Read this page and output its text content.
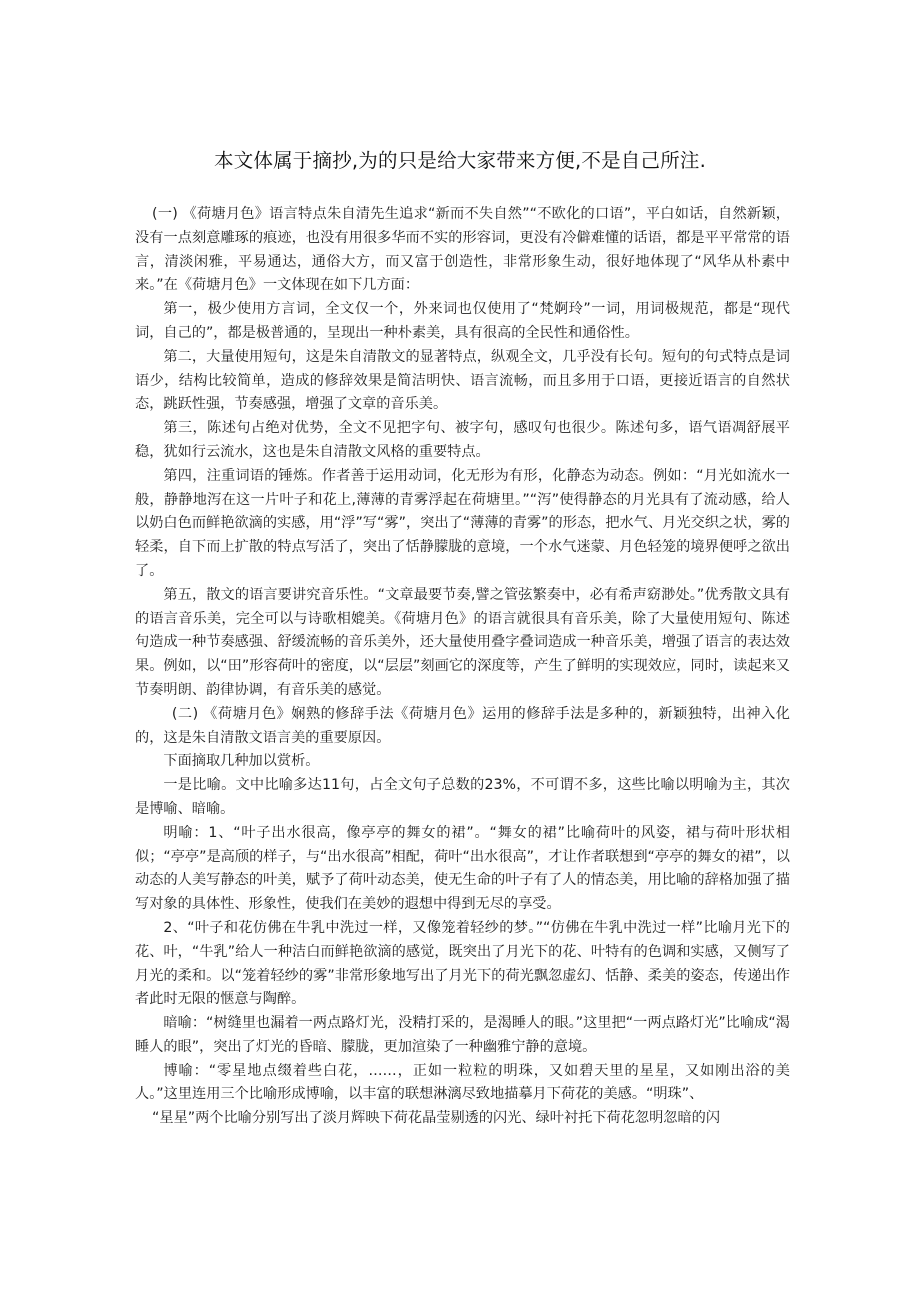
本文体属于摘抄,为的只是给大家带来方便,不是自己所注.

(一) 《荷塘月色》语言特点朱自清先生追求“新而不失自然”“不欧化的口语”，平白如话，自然新颖，没有一点刻意雕琢的痕迹，也没有用很多华而不实的形容词，更没有冷僻难懂的话语，都是平平常常的语言，清淡闲雅，平易通达，通俗大方，而又富于创造性，非常形象生动，很好地体现了“风华从朴素中来。”在《荷塘月色》一文体现在如下几方面：

第一，极少使用方言词，全文仅一个，外来词也仅使用了“梵婀玲”一词，用词极规范，都是“现代词，自己的”，都是极普通的，呈现出一种朴素美，具有很高的全民性和通俗性。

第二，大量使用短句，这是朱自清散文的显著特点，纵观全文，几乎没有长句。短句的句式特点是词语少，结构比较简单，造成的修辞效果是简洁明快、语言流畅，而且多用于口语，更接近语言的自然状态，跳跃性强，节奏感强，增强了文章的音乐美。

第三，陈述句占绝对优势，全文不见把字句、被字句，感叹句也很少。陈述句多，语气语凋舒展平稳，犹如行云流水，这也是朱自清散文风格的重要特点。

第四，注重词语的锤炼。作者善于运用动词，化无形为有形，化静态为动态。例如：“月光如流水一般，静静地泻在这一片叶子和花上,薄薄的青雾浮起在荷塘里。”“泻”使得静态的月光具有了流动感，给人以奶白色而鲜艳欲滴的实感，用“浮”写“雾”，突出了“薄薄的青雾”的形态，把水气、月光交织之状，雾的轻柔，自下而上扩散的特点写活了，突出了恬静朦胧的意境，一个水气迷蒙、月色轻笼的境界便呼之欲出了。

第五，散文的语言要讲究音乐性。“文章最要节奏,譬之管弦繁奏中，必有希声窈渺处。”优秀散文具有的语言音乐美，完全可以与诗歌相媲美。《荷塘月色》的语言就很具有音乐美，除了大量使用短句、陈述句造成一种节奏感强、舒缓流畅的音乐美外，还大量使用叠字叠词造成一种音乐美，增强了语言的表达效果。例如，以“田”形容荷叶的密度，以“层层”刻画它的深度等，产生了鲜明的实现效应，同时，读起来又节奏明朗、韵律协调，有音乐美的感觉。

(二) 《荷塘月色》娴熟的修辞手法《荷塘月色》运用的修辞手法是多种的，新颖独特，出神入化的，这是朱自清散文语言美的重要原因。

下面摘取几种加以赏析。

一是比喻。文中比喻多达11句，占全文句子总数的23%，不可谓不多，这些比喻以明喻为主，其次是博喻、暗喻。

明喻：1、“叶子出水很高，像亭亭的舞女的裙”。“舞女的裙”比喻荷叶的风姿，裙与荷叶形状相似；“亭亭”是高颀的样子，与“出水很高”相配，荷叶“出水很高”，才让作者联想到“亭亭的舞女的裙”，以动态的人美写静态的叶美，赋予了荷叶动态美，使无生命的叶子有了人的情态美，用比喻的辞格加强了描写对象的具体性、形象性，使我们在美妙的遐想中得到无尽的享受。

2、“叶子和花仿佛在牛乳中洗过一样，又像笼着轻纱的梦。”“仿佛在牛乳中洗过一样”比喻月光下的花、叶，“牛乳”给人一种洁白而鲜艳欲滴的感觉，既突出了月光下的花、叶特有的色调和实感，又侧写了月光的柔和。以“笼着轻纱的雾”非常形象地写出了月光下的荷光飘忽虚幻、恬静、柔美的姿态，传递出作者此时无限的惬意与陶醉。

暗喻：“树缝里也漏着一两点路灯光，没精打采的，是渴睡人的眼。”这里把“一两点路灯光”比喻成“渴睡人的眼”，突出了灯光的昏暗、朦胧，更加渲染了一种幽雅宁静的意境。

博喻：“零星地点缀着些白花，……，正如一粒粒的明珠，又如碧天里的星星，又如刚出浴的美人。”这里连用三个比喻形成博喻，以丰富的联想淋漓尽致地描摹月下荷花的美感。“明珠”、

“星星”两个比喻分别写出了淡月辉映下荷花晶莹剔透的闪光、绿叶衬托下荷花忽明忽暗的闪
